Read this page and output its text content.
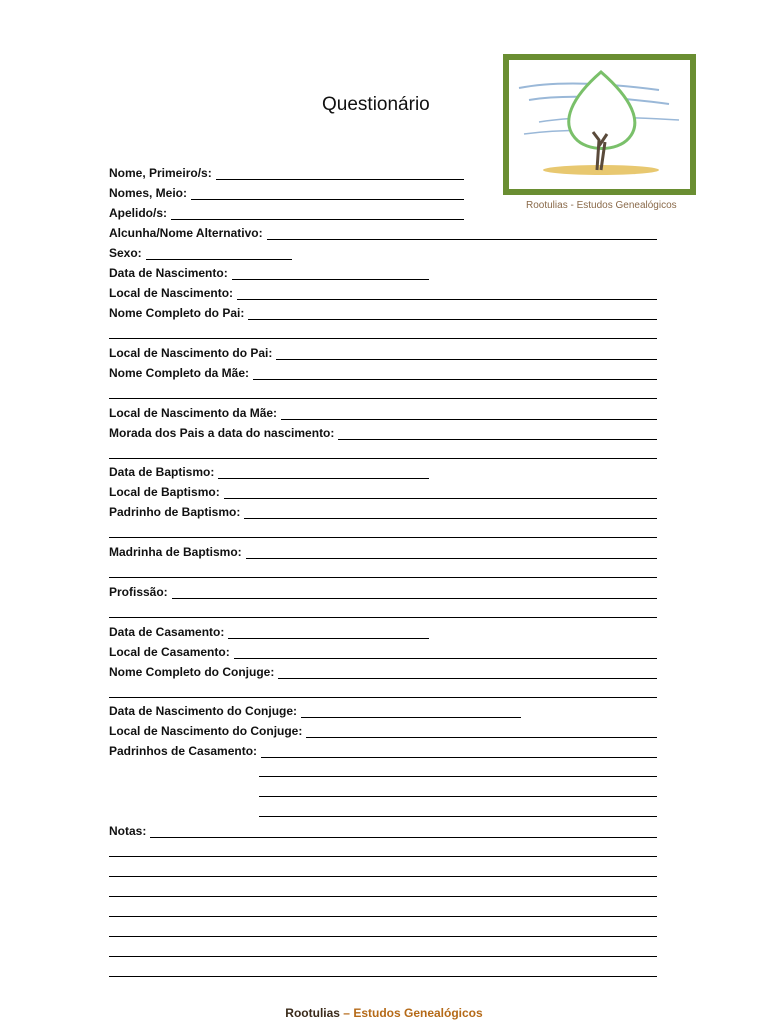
Questionário
Rootulias - Estudos Genealógicos
Nome, Primeiro/s:
Nomes, Meio:
Apelido/s:
Alcunha/Nome Alternativo:
Sexo:
Data de Nascimento:
Local de Nascimento:
Nome Completo do Pai:
Local de Nascimento do Pai:
Nome Completo da Mãe:
Local de Nascimento da Mãe:
Morada dos Pais a data do nascimento:
Data de Baptismo:
Local de Baptismo:
Padrinho de Baptismo:
Madrinha de Baptismo:
Profissão:
Data de Casamento:
Local de Casamento:
Nome Completo do Conjuge:
Data de Nascimento do Conjuge:
Local de Nascimento do Conjuge:
Padrinhos de Casamento:
Notas:
Rootulias – Estudos Genealógicos
